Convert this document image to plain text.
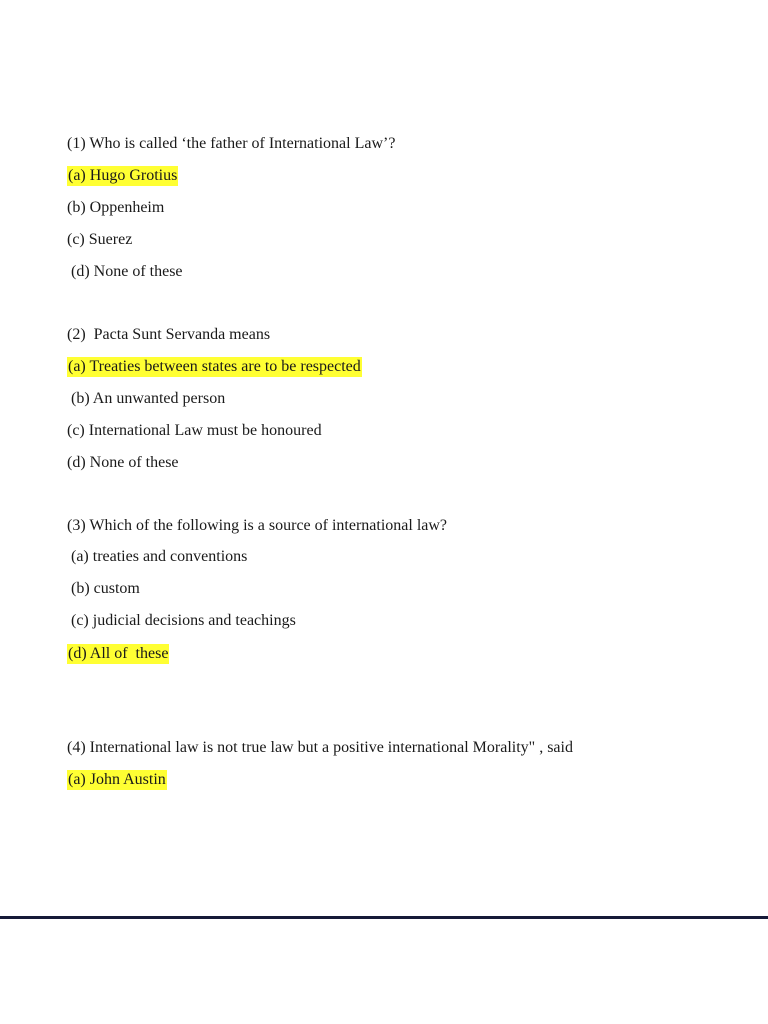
(1) Who is called ‘the father of International Law’?
(a) Hugo Grotius
(b) Oppenheim
(c) Suerez
(d) None of these
(2)  Pacta Sunt Servanda means
(a) Treaties between states are to be respected
(b) An unwanted person
(c) International Law must be honoured
(d) None of these
(3) Which of the following is a source of international law?
(a) treaties and conventions
(b) custom
(c) judicial decisions and teachings
(d) All of  these
(4) International law is not true law but a positive international Morality" , said
(a) John Austin
